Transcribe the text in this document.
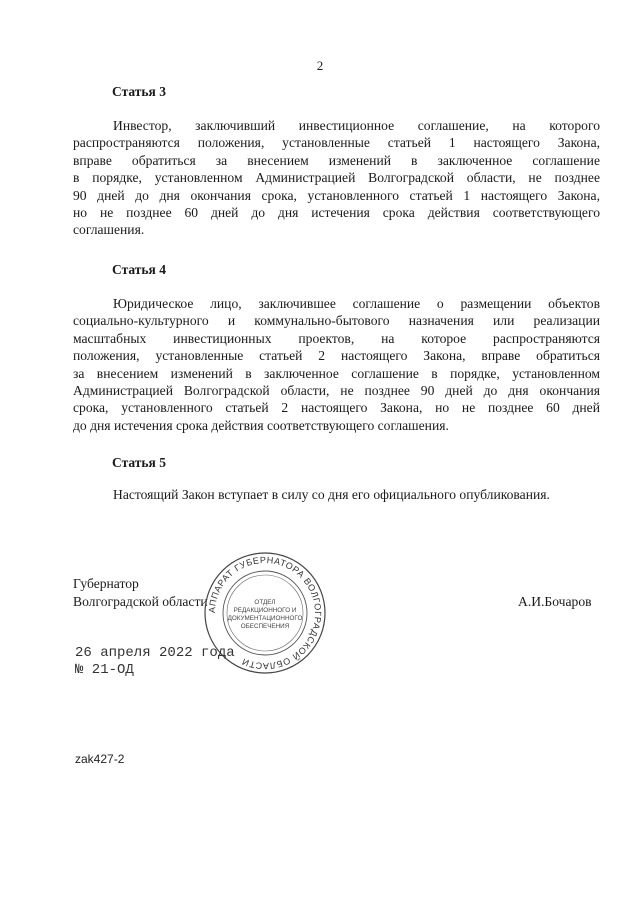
2
Статья 3
Инвестор, заключивший инвестиционное соглашение, на которого
распространяются положения, установленные статьей 1 настоящего Закона,
вправе обратиться за внесением изменений в заключенное соглашение
в порядке, установленном Администрацией Волгоградской области, не позднее
90 дней до дня окончания срока, установленного статьей 1 настоящего Закона,
но не позднее 60 дней до дня истечения срока действия соответствующего
соглашения.
Статья 4
Юридическое лицо, заключившее соглашение о размещении объектов
социально-культурного и коммунально-бытового назначения или реализации
масштабных инвестиционных проектов, на которое распространяются
положения, установленные статьей 2 настоящего Закона, вправе обратиться
за внесением изменений в заключенное соглашение в порядке, установленном
Администрацией Волгоградской области, не позднее 90 дней до дня окончания
срока, установленного статьей 2 настоящего Закона, но не позднее 60 дней
до дня истечения срока действия соответствующего соглашения.
Статья 5
Настоящий Закон вступает в силу со дня его официального опубликования.
Губернатор
Волгоградской области	А.И.Бочаров
АППАРАТ ГУБЕРНАТОРА ВОЛГОГРАДСКОЙ ОБЛАСТИ
ОТДЕЛ
РЕДАКЦИОННОГО И
ДОКУМЕНТАЦИОННОГО
ОБЕСПЕЧЕНИЯ
26 апреля 2022 года
№ 21-ОД
zak427-2
